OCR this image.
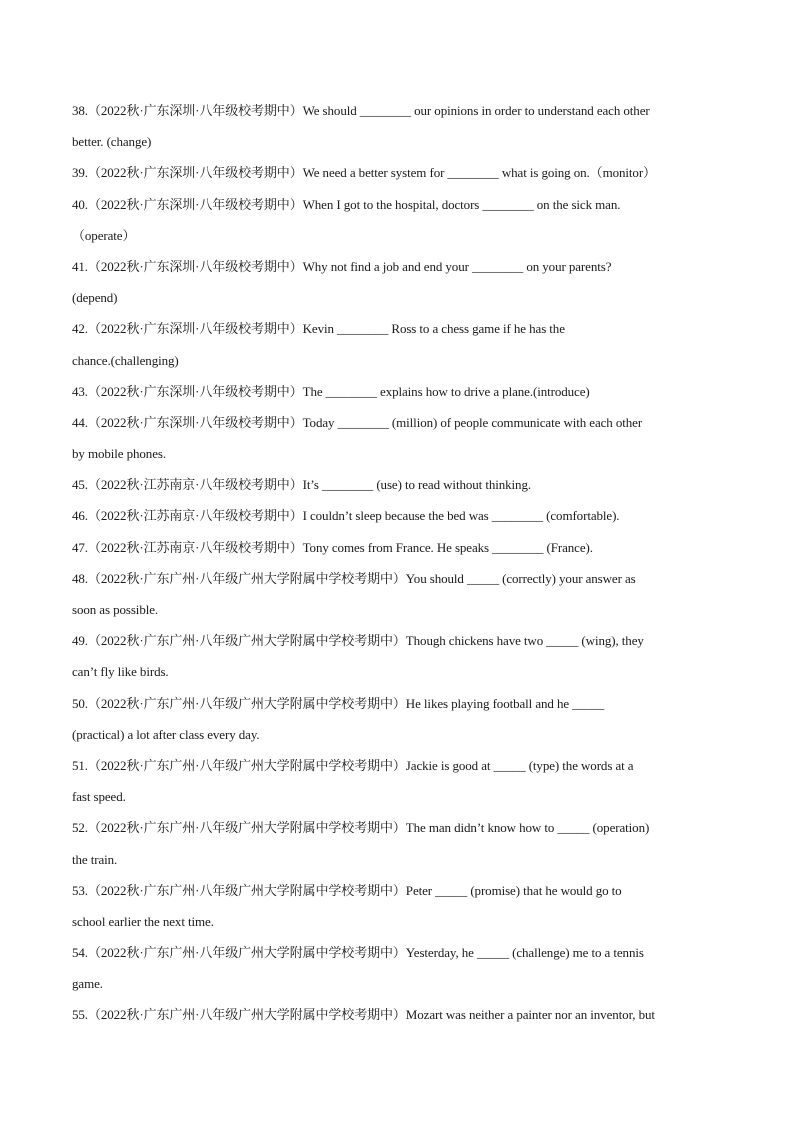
38.（2022秋·广东深圳·八年级校考期中）We should ________ our opinions in order to understand each other
better. (change)
39.（2022秋·广东深圳·八年级校考期中）We need a better system for ________ what is going on.（monitor）
40.（2022秋·广东深圳·八年级校考期中）When I got to the hospital, doctors ________ on the sick man.
（operate）
41.（2022秋·广东深圳·八年级校考期中）Why not find a job and end your ________ on your parents?
(depend)
42.（2022秋·广东深圳·八年级校考期中）Kevin ________ Ross to a chess game if he has the
chance.(challenging)
43.（2022秋·广东深圳·八年级校考期中）The ________ explains how to drive a plane.(introduce)
44.（2022秋·广东深圳·八年级校考期中）Today ________ (million) of people communicate with each other
by mobile phones.
45.（2022秋·江苏南京·八年级校考期中）It’s ________ (use) to read without thinking.
46.（2022秋·江苏南京·八年级校考期中）I couldn’t sleep because the bed was ________ (comfortable).
47.（2022秋·江苏南京·八年级校考期中）Tony comes from France. He speaks ________ (France).
48.（2022秋·广东广州·八年级广州大学附属中学校考期中）You should _____ (correctly) your answer as
soon as possible.
49.（2022秋·广东广州·八年级广州大学附属中学校考期中）Though chickens have two _____ (wing), they
can’t fly like birds.
50.（2022秋·广东广州·八年级广州大学附属中学校考期中）He likes playing football and he _____
(practical) a lot after class every day.
51.（2022秋·广东广州·八年级广州大学附属中学校考期中）Jackie is good at _____ (type) the words at a
fast speed.
52.（2022秋·广东广州·八年级广州大学附属中学校考期中）The man didn’t know how to _____ (operation)
the train.
53.（2022秋·广东广州·八年级广州大学附属中学校考期中）Peter _____ (promise) that he would go to
school earlier the next time.
54.（2022秋·广东广州·八年级广州大学附属中学校考期中）Yesterday, he _____ (challenge) me to a tennis
game.
55.（2022秋·广东广州·八年级广州大学附属中学校考期中）Mozart was neither a painter nor an inventor, but
